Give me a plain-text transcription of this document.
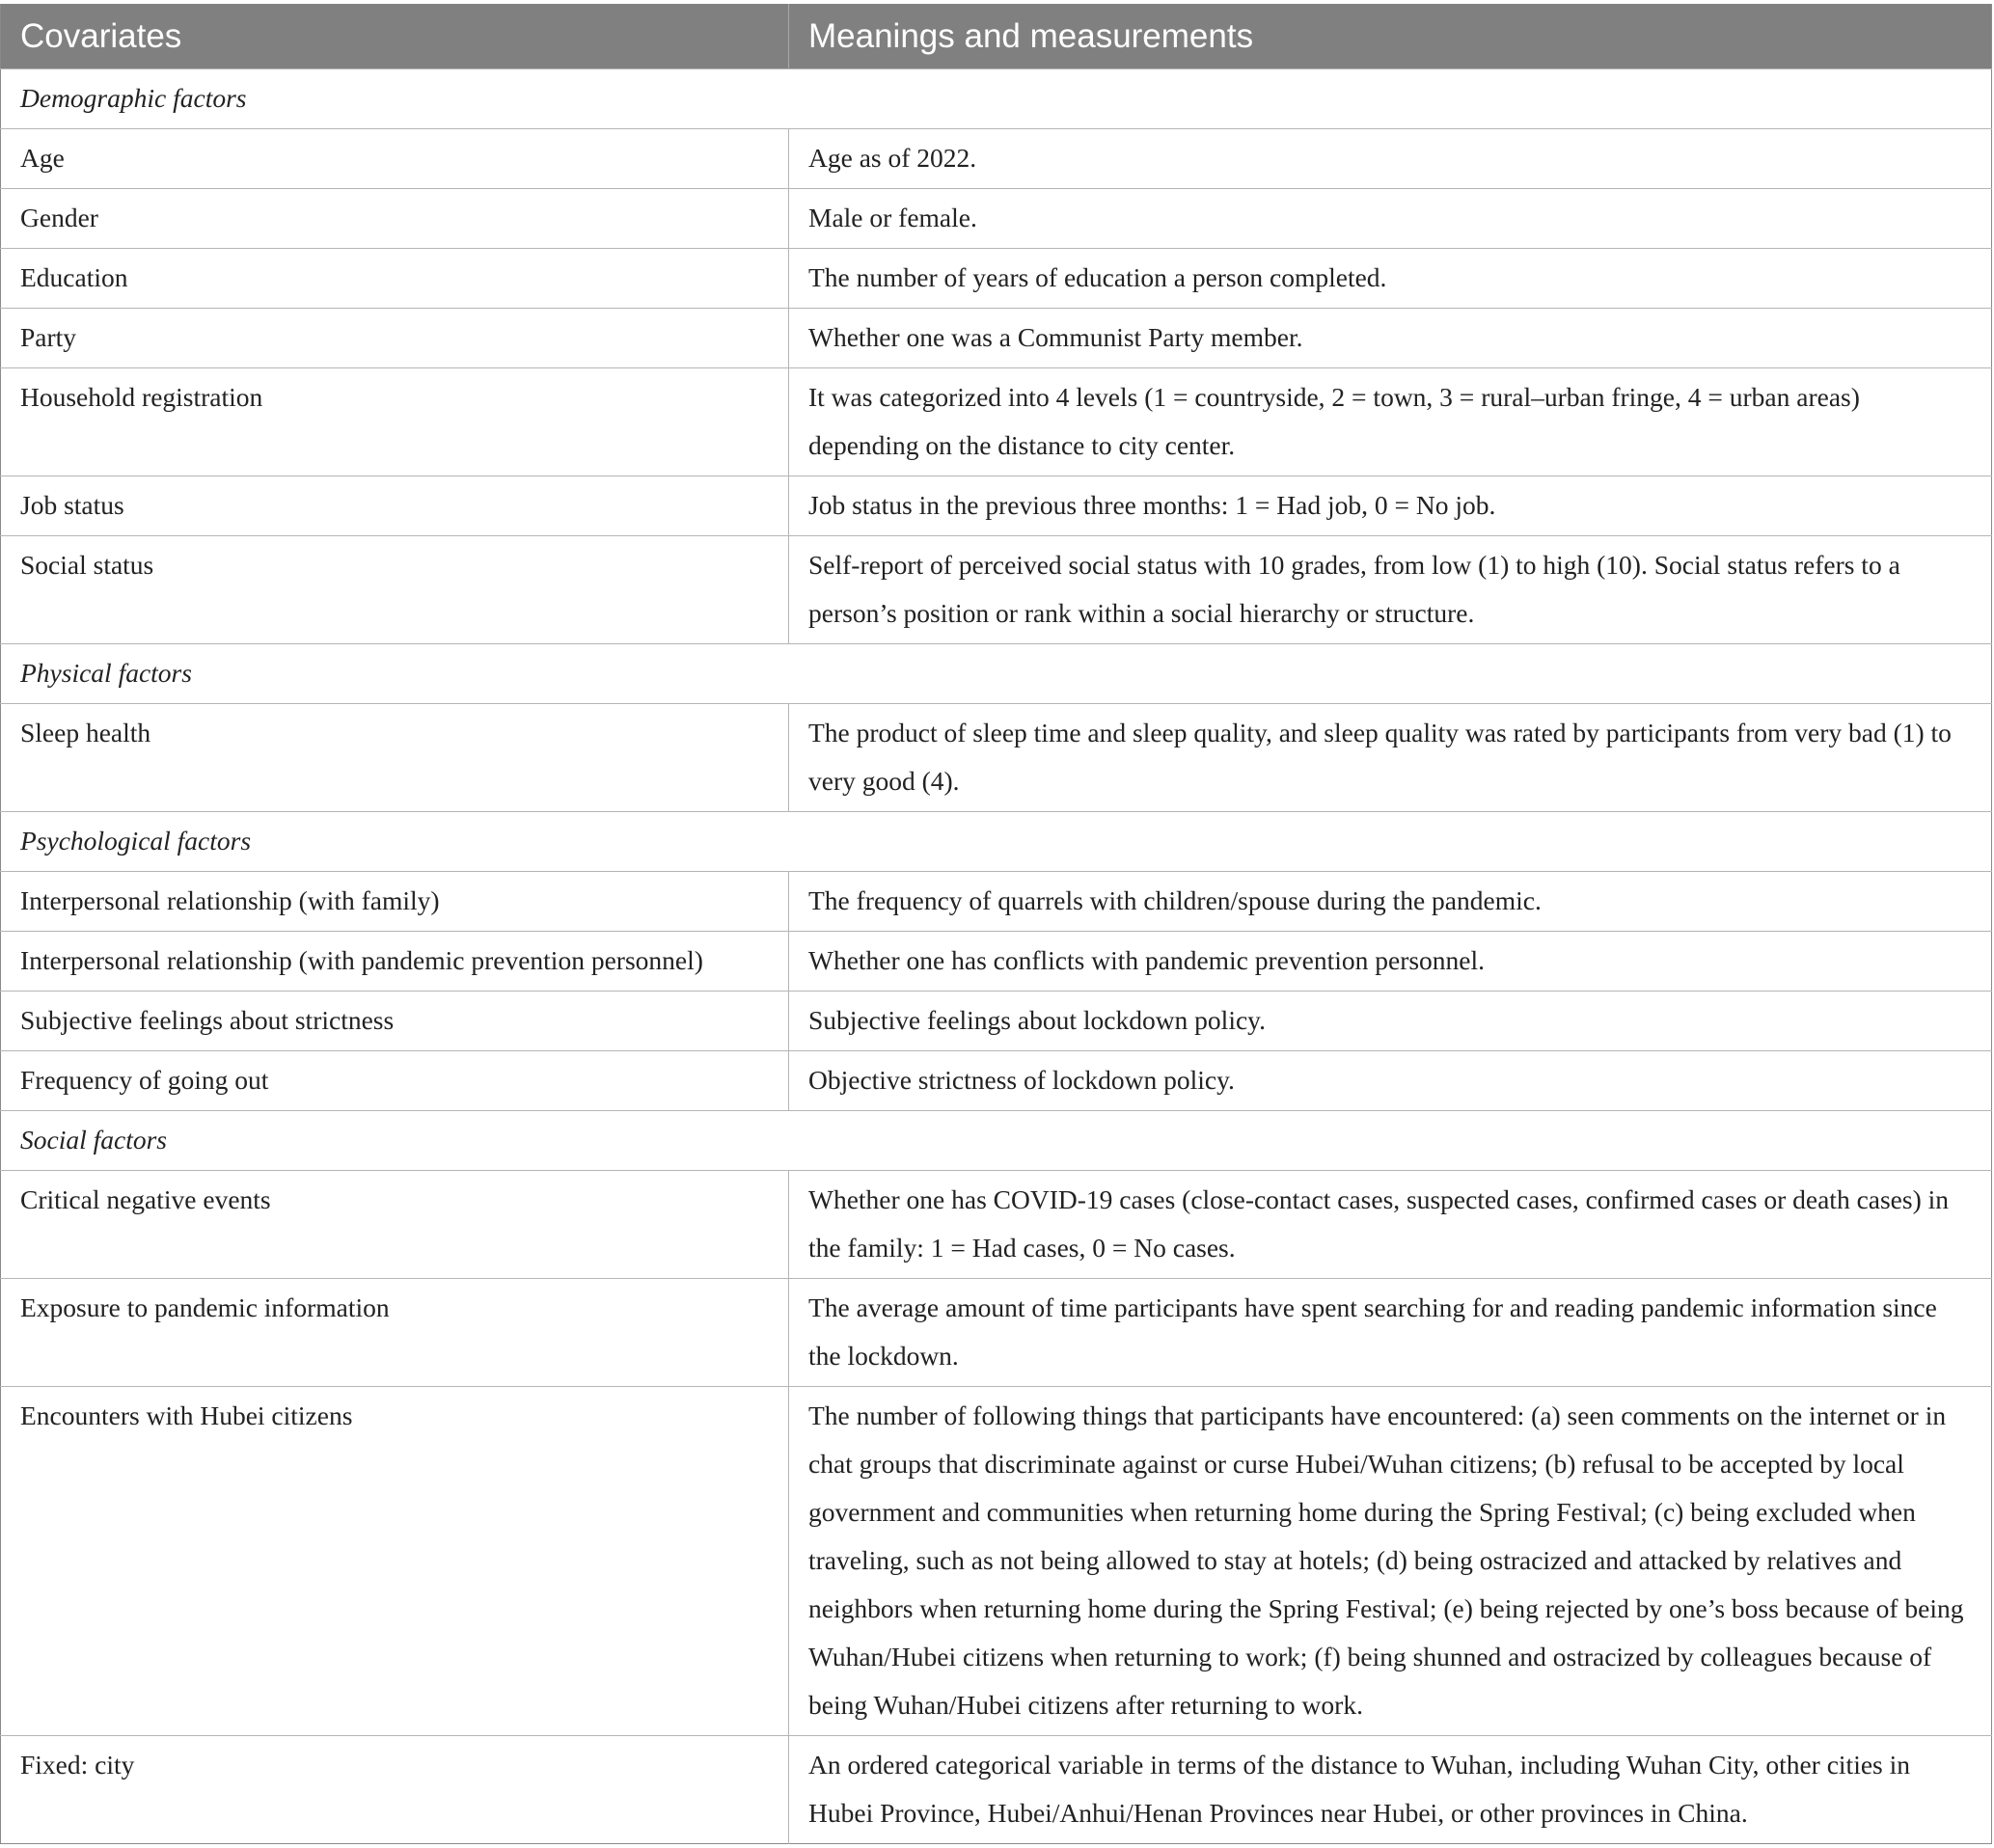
Covariates	Meanings and measurements
Demographic factors	
Age	Age as of 2022.
Gender	Male or female.
Education	The number of years of education a person completed.
Party	Whether one was a Communist Party member.
Household registration	It was categorized into 4 levels (1 = countryside, 2 = town, 3 = rural–urban fringe, 4 = urban areas) depending on the distance to city center.
Job status	Job status in the previous three months: 1 = Had job, 0 = No job.
Social status	Self-report of perceived social status with 10 grades, from low (1) to high (10). Social status refers to a person’s position or rank within a social hierarchy or structure.
Physical factors	
Sleep health	The product of sleep time and sleep quality, and sleep quality was rated by participants from very bad (1) to very good (4).
Psychological factors	
Interpersonal relationship (with family)	The frequency of quarrels with children/spouse during the pandemic.
Interpersonal relationship (with pandemic prevention personnel)	Whether one has conflicts with pandemic prevention personnel.
Subjective feelings about strictness	Subjective feelings about lockdown policy.
Frequency of going out	Objective strictness of lockdown policy.
Social factors	
Critical negative events	Whether one has COVID-19 cases (close-contact cases, suspected cases, confirmed cases or death cases) in the family: 1 = Had cases, 0 = No cases.
Exposure to pandemic information	The average amount of time participants have spent searching for and reading pandemic information since the lockdown.
Encounters with Hubei citizens	The number of following things that participants have encountered: (a) seen comments on the internet or in chat groups that discriminate against or curse Hubei/Wuhan citizens; (b) refusal to be accepted by local government and communities when returning home during the Spring Festival; (c) being excluded when traveling, such as not being allowed to stay at hotels; (d) being ostracized and attacked by relatives and neighbors when returning home during the Spring Festival; (e) being rejected by one’s boss because of being Wuhan/Hubei citizens when returning to work; (f) being shunned and ostracized by colleagues because of being Wuhan/Hubei citizens after returning to work.
Fixed: city	An ordered categorical variable in terms of the distance to Wuhan, including Wuhan City, other cities in Hubei Province, Hubei/Anhui/Henan Provinces near Hubei, or other provinces in China.
